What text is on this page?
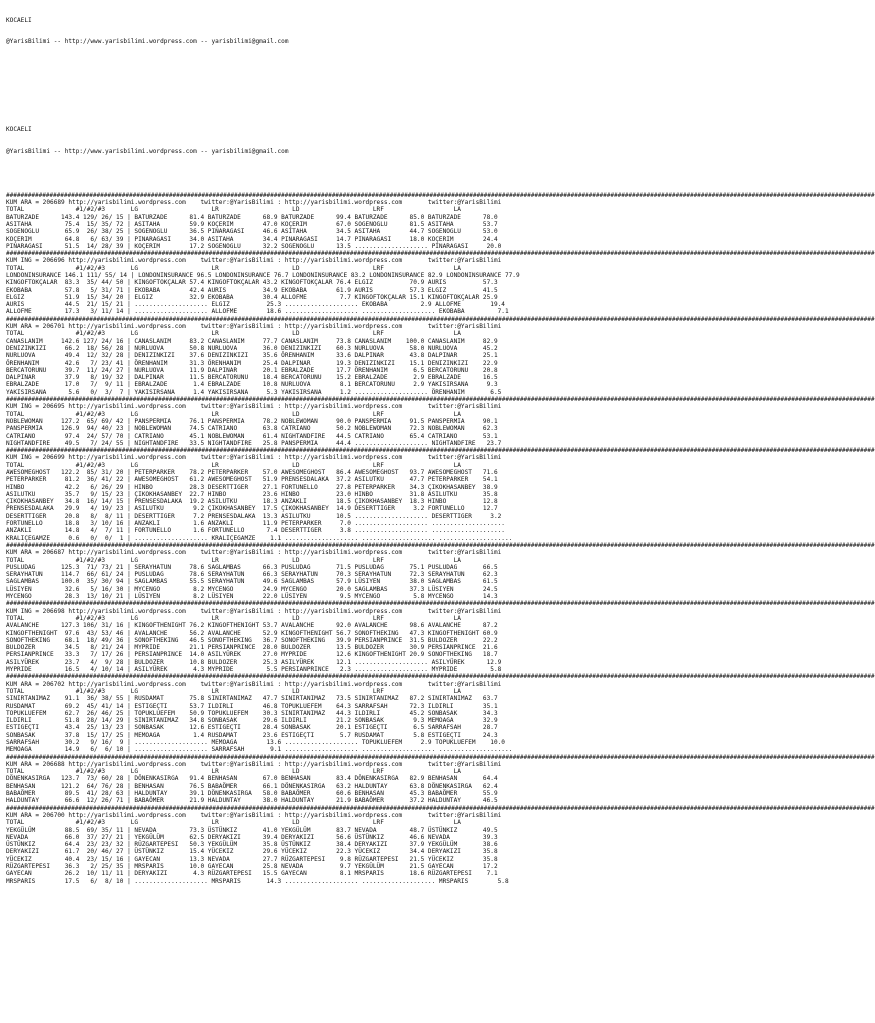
KOCAELI

@YarisBilimi -- http://www.yarisbilimi.wordpress.com -- yarisbilimi@gmail.com

KOCAELI

@YarisBilimi -- http://www.yarisbilimi.wordpress.com -- yarisbilimi@gmail.com

################################################################################################################################################################################################################################################
KUM ARA = 206689 http://yarisbilimi.wordpress.com    twitter:@YarisBilimi : http://yarisbilimi.wordpress.com       twitter:@YarisBilimi
TOTAL              #1/#2/#3       LG                    LR                    LD                    LRF                   LA
BATURZADE      143.4 129/ 26/ 15 | BATURZADE      81.4 BATURZADE      68.9 BATURZADE      99.4 BATURZADE      85.0 BATURZADE      78.0
ASITAHA         75.4  15/ 35/ 72 | ASITAHA        59.9 KOÇERIM        47.0 KOÇERIM        67.0 SOGENOGLU      81.5 ASITAHA        53.7
SOGENOGLU       65.9  26/ 38/ 25 | SOGENOGLU      36.5 PINARAGASI     46.6 ASITAHA        34.5 ASITAHA        44.7 SOGENOGLU      53.0
KOÇERIM         64.8   6/ 63/ 39 | PINARAGASI     34.0 ASITAHA        34.4 PINARAGASI     14.7 PINARAGASI     18.0 KOÇERIM        24.4
PINARAGASI      51.5  14/ 28/ 39 | KOÇERIM        17.2 SOGENOGLU      32.2 SOGENOGLU      13.5 .................... PINARAGASI     20.0
################################################################################################################################################################################################################################################
KUM ING = 206696 http://yarisbilimi.wordpress.com    twitter:@YarisBilimi : http://yarisbilimi.wordpress.com       twitter:@YarisBilimi
TOTAL              #1/#2/#3       LG                    LR                    LD                    LRF                   LA
LONDONINSURANCE 146.1 111/ 55/ 14 | LONDONINSURANCE 96.5 LONDONINSURANCE 76.7 LONDONINSURANCE 83.2 LONDONINSURANCE 82.9 LONDONINSURANCE 77.9
KINGOFTOKÇALAR  83.3  35/ 44/ 50 | KINGOFTOKÇALAR 57.4 KINGOFTOKÇALAR 43.2 KINGOFTOKÇALAR 76.4 ELGIZ          70.9 AURIS          57.3
EKOBABA         57.8   5/ 31/ 71 | EKOBABA        42.4 AURIS          34.9 EKOBABA        61.9 AURIS          57.3 ELGIZ          41.5
ELGIZ           51.9  15/ 34/ 20 | ELGIZ          32.9 EKOBABA        30.4 ALLOFME         7.7 KINGOFTOKÇALAR 15.1 KINGOFTOKÇALAR 25.9
AURIS           44.5  21/ 15/ 21 | .................... ELGIZ          25.3 .................... EKOBABA         2.9 ALLOFME        19.4
ALLOFME         17.3   3/ 11/ 14 | .................... ALLOFME        18.6 .................... .................... EKOBABA         7.1
################################################################################################################################################################################################################################################
KUM ARA = 206701 http://yarisbilimi.wordpress.com    twitter:@YarisBilimi : http://yarisbilimi.wordpress.com       twitter:@YarisBilimi
TOTAL              #1/#2/#3       LG                    LR                    LD                    LRF                   LA
CANASLANIM     142.6 127/ 24/ 16 | CANASLANIM     83.2 CANASLANIM     77.7 CANASLANIM     73.8 CANASLANIM    100.0 CANASLANIM     82.9
DENIZINKIZI     66.2  18/ 56/ 28 | NURLUOVA       50.8 NURLUOVA       36.0 DENIZINKIZI    60.3 NURLUOVA       58.0 NURLUOVA       45.2
NURLUOVA        49.4  12/ 32/ 28 | DENIZINKIZI    37.6 DENIZINKIZI    35.6 ÖRENHANIM      33.6 DALPINAR       43.8 DALPINAR       25.1
ÖRENHANIM       42.6   7/ 23/ 41 | ÖRENHANIM      31.3 ÖRENHANIM      25.4 DALPINAR       19.3 DENIZINKIZI    15.1 DENIZINKIZI    22.9
BERCATORUNU     39.7  11/ 24/ 27 | NURLUOVA       11.9 DALPINAR       20.1 EBRALZADE      17.7 ÖRENHANIM       6.5 BERCATORUNU    20.8
DALPINAR        37.9   8/ 19/ 32 | DALPINAR       11.5 BERCATORUNU    18.4 BERCATORUNU    15.2 EBRALZADE       2.9 EBRALZADE      16.5
EBRALZADE       17.0   7/  9/ 11 | EBRALZADE       1.4 EBRALZADE      10.8 NURLUOVA        8.1 BERCATORUNU     2.9 YAKISIRSANA     9.3
YAKISIRSANA      5.6   0/  3/  7 | YAKISIRSANA     1.4 YAKISIRSANA     5.3 YAKISIRSANA     1.2 .................... ÖRENHANIM       6.5
################################################################################################################################################################################################################################################
KUM ING = 206695 http://yarisbilimi.wordpress.com    twitter:@YarisBilimi : http://yarisbilimi.wordpress.com       twitter:@YarisBilimi
TOTAL              #1/#2/#3       LG                    LR                    LD                    LRF                   LA
NOBLEWOMAN     127.2  65/ 69/ 42 | PANSPERMIA     76.1 PANSPERMIA     78.2 NOBLEWOMAN     90.0 PANSPERMIA     91.5 PANSPERMIA     90.1
PANSPERMIA     126.9  94/ 40/ 23 | NOBLEWOMAN     74.5 CATRIANO       63.8 CATRIANO       50.2 NOBLEWOMAN     72.3 NOBLEWOMAN     62.3
CATRIANO        97.4  24/ 57/ 70 | CATRIANO       45.1 NOBLEWOMAN     61.4 NIGHTANDFIRE   44.5 CATRIANO       65.4 CATRIANO       53.1
NIGHTANDFIRE    49.5   7/ 24/ 55 | NIGHTANDFIRE   33.5 NIGHTANDFIRE   25.8 PANSPERMIA     44.4 .................... NIGHTANDFIRE   23.7
################################################################################################################################################################################################################################################
KUM ING = 206699 http://yarisbilimi.wordpress.com    twitter:@YarisBilimi : http://yarisbilimi.wordpress.com       twitter:@YarisBilimi
TOTAL              #1/#2/#3       LG                    LR                    LD                    LRF                   LA
AWESOMEGHOST   122.2  85/ 31/ 20 | PETERPARKER    78.2 PETERPARKER    57.0 AWESOMEGHOST   86.4 AWESOMEGHOST   93.7 AWESOMEGHOST   71.6
PETERPARKER     81.2  36/ 41/ 22 | AWESOMEGHOST   61.2 AWESOMEGHOST   51.9 PRENSESDALAKA  37.2 ASILUTKU       47.7 PETERPARKER    54.1
HINBO           42.2   6/ 26/ 29 | HINBO          28.3 DESERTTIGER    27.1 FORTUNELLO     27.8 PETERPARKER    34.3 ÇIKOKHASANBEY  38.9
ASILUTKU        35.7   9/ 15/ 23 | ÇIKOKHASANBEY  22.7 HINBO          23.6 HINBO          23.0 HINBO          31.8 ASILUTKU       35.8
ÇIKOKHASANBEY   34.8  16/ 14/ 15 | PRENSESDALAKA  19.2 ASILUTKU       18.3 ANZAKLI        18.5 ÇIKOKHASANBEY  18.3 HINBO          12.8
PRENSESDALAKA   29.9   4/ 19/ 23 | ASILUTKU        9.2 ÇIKOKHASANBEY  17.5 ÇIKOKHASANBEY  14.9 DESERTTIGER     3.2 FORTUNELLO     12.7
DESERTTIGER     20.8   8/  8/ 11 | DESERTTIGER     7.2 PRENSESDALAKA  13.3 ASILUTKU       10.5 .................... DESERTTIGER     3.2
FORTUNELLO      18.8   3/ 10/ 16 | ANZAKLI         1.6 ANZAKLI        11.9 PETERPARKER     7.0 .................... ....................
ANZAKLI         14.8   4/  7/ 11 | FORTUNELLO      1.6 FORTUNELLO      7.4 DESERTTIGER     3.8 .................... ....................
KRALIÇEGAMZE     0.6   0/  0/  1 | .................... KRALIÇEGAMZE    1.1 .................... .................... ....................
################################################################################################################################################################################################################################################
KUM ARA = 206687 http://yarisbilimi.wordpress.com    twitter:@YarisBilimi : http://yarisbilimi.wordpress.com       twitter:@YarisBilimi
TOTAL              #1/#2/#3       LG                    LR                    LD                    LRF                   LA
PUSLUDAG       125.3  71/ 73/ 21 | SERAYHATUN     78.6 SAGLAMBAS      66.3 PUSLUDAG       71.5 PUSLUDAG       75.1 PUSLUDAG       66.5
SERAYHATUN     114.7  66/ 61/ 24 | PUSLUDAG       78.6 SERAYHATUN     66.3 SERAYHATUN     70.3 SERAYHATUN     72.3 SERAYHATUN     62.3
SAGLAMBAS      100.0  35/ 30/ 94 | SAGLAMBAS      55.5 SERAYHATUN     49.6 SAGLAMBAS      57.9 LÜSIYEN        38.0 SAGLAMBAS      61.5
LÜSIYEN         32.6   5/ 16/ 30 | MYCENGO         8.2 MYCENGO        24.9 MYCENGO        20.0 SAGLAMBAS      37.3 LÜSIYEN        24.5
MYCENGO         28.3  13/ 10/ 21 | LÜSIYEN         8.2 LÜSIYEN        22.0 LÜSIYEN         9.5 MYCENGO         5.8 MYCENGO        14.3
################################################################################################################################################################################################################################################
KUM ING = 206698 http://yarisbilimi.wordpress.com    twitter:@YarisBilimi : http://yarisbilimi.wordpress.com       twitter:@YarisBilimi
TOTAL              #1/#2/#3       LG                    LR                    LD                    LRF                   LA
AVALANCHE      127.3 106/ 31/ 16 | KINGOFTHENIGHT 76.2 KINGOFTHENIGHT 53.7 AVALANCHE      92.0 AVALANCHE      98.6 AVALANCHE      87.2
KINGOFTHENIGHT  97.6  43/ 53/ 46 | AVALANCHE      56.2 AVALANCHE      52.9 KINGOFTHENIGHT 56.7 SONOFTHEKING   47.3 KINGOFTHENIGHT 60.9
SONOFTHEKING    68.1  18/ 49/ 36 | SONOFTHEKING   46.5 SONOFTHEKING   36.7 SONOFTHEKING   39.9 PERSIANPRINCE  31.5 BULDOZER       22.2
BULDOZER        34.5   8/ 21/ 24 | MYPRIDE        21.1 PERSIANPRINCE  28.0 BULDOZER       13.5 BULDOZER       30.9 PERSIANPRINCE  21.6
PERSIANPRINCE   33.3   7/ 17/ 26 | PERSIANPRINCE  14.0 ASILYÜREK      27.0 MYPRIDE        12.6 KINGOFTHENIGHT 20.9 SONOFTHEKING   18.7
ASILYÜREK       23.7   4/  9/ 28 | BULDOZER       10.8 BULDOZER       25.3 ASILYÜREK      12.1 .................... ASILYÜREK      12.9
MYPRIDE         16.5   4/ 10/ 14 | ASILYÜREK       4.3 MYPRIDE         5.5 PERSIANPRINCE   2.3 .................... MYPRIDE         5.8
################################################################################################################################################################################################################################################
KUM ARA = 206702 http://yarisbilimi.wordpress.com    twitter:@YarisBilimi : http://yarisbilimi.wordpress.com       twitter:@YarisBilimi
TOTAL              #1/#2/#3       LG                    LR                    LD                    LRF                   LA
SINIRTANIMAZ    91.1  36/ 38/ 55 | RUSDAMAT       75.8 SINIRTANIMAZ   47.7 SINIRTANIMAZ   73.5 SINIRTANIMAZ   87.2 SINIRTANIMAZ   63.7
RUSDAMAT        69.2  45/ 41/ 14 | ESTIGEÇTI      53.7 ILDIRLI        46.8 TOPUKLUEFEM    64.3 SARRAFSAH      72.3 ILDIRLI        35.1
TOPUKLUEFEM     62.7  26/ 46/ 25 | TOPUKLUEFEM    50.9 TOPUKLUEFEM    30.3 SINIRTANIMAZ   44.3 ILDIRLI        45.2 SONBASAK       34.3
ILDIRLI         51.8  28/ 14/ 29 | SINIRTANIMAZ   34.8 SONBASAK       29.6 ILDIRLI        21.2 SONBASAK        9.3 MEMOAGA        32.9
ESTIGEÇTI       43.4  25/ 13/ 23 | SONBASAK       12.6 ESTIGEÇTI      28.4 SONBASAK       20.1 ESTIGEÇTI       6.5 SARRAFSAH      28.7
SONBASAK        37.8  15/ 17/ 25 | MEMOAGA         1.4 RUSDAMAT       23.6 ESTIGEÇTI       5.7 RUSDAMAT        5.8 ESTIGEÇTI      24.3
SARRAFSAH       30.2   9/ 16/  9 | .................... MEMOAGA        13.6 .................... TOPUKLUEFEM     2.9 TOPUKLUEFEM    10.0
MEMOAGA         14.9   6/  6/ 10 | .................... SARRAFSAH       9.1 .................... .................... ....................
################################################################################################################################################################################################################################################
KUM ARA = 206688 http://yarisbilimi.wordpress.com    twitter:@YarisBilimi : http://yarisbilimi.wordpress.com       twitter:@YarisBilimi
TOTAL              #1/#2/#3       LG                    LR                    LD                    LRF                   LA
DÖNENKASIRGA   123.7  73/ 60/ 28 | DÖNENKASIRGA   91.4 BENHASAN       67.0 BENHASAN       83.4 DÖNENKASIRGA   82.9 BENHASAN       64.4
BENHASAN       121.2  64/ 76/ 28 | BENHASAN       76.5 BABAÖMER       66.1 DÖNENKASIRGA   63.2 HALDUNTAY      63.8 DÖNENKASIRGA   62.4
BABAÖMER        89.5  41/ 28/ 63 | HALDUNTAY      39.1 DÖNENKASIRGA   58.0 BABAÖMER       60.6 BENHASAN       45.3 BABAÖMER       55.9
HALDUNTAY       66.6  12/ 26/ 71 | BABAÖMER       21.9 HALDUNTAY      38.0 HALDUNTAY      21.9 BABAÖMER       37.2 HALDUNTAY      46.5
################################################################################################################################################################################################################################################
KUM ARA = 206700 http://yarisbilimi.wordpress.com    twitter:@YarisBilimi : http://yarisbilimi.wordpress.com       twitter:@YarisBilimi
TOTAL              #1/#2/#3       LG                    LR                    LD                    LRF                   LA
YEKGÜLÜM        88.5  69/ 35/ 11 | NEVADA         73.3 ÜSTÜNKIZ       41.0 YEKGÜLÜM       83.7 NEVADA         48.7 ÜSTÜNKIZ       49.5
NEVADA          66.0  37/ 27/ 21 | YEKGÜLÜM       62.5 DERYAKIZI      39.4 DERYAKIZI      56.6 ÜSTÜNKIZ       46.6 NEVADA         39.3
ÜSTÜNKIZ        64.4  23/ 23/ 32 | RÜZGARTEPESI   50.3 YEKGÜLÜM       35.8 ÜSTÜNKIZ       38.4 DERYAKIZI      37.9 YEKGÜLÜM       38.6
DERYAKIZI       61.7  20/ 46/ 27 | ÜSTÜNKIZ       15.4 YÜCEKIZ        29.6 YÜCEKIZ        22.3 YÜCEKIZ        34.4 DERYAKIZI      35.8
YÜCEKIZ         40.4  23/ 15/ 16 | GAYECAN        13.3 NEVADA         27.7 RÜZGARTEPESI    9.8 RÜZGARTEPESI   21.5 YÜCEKIZ        35.8
RÜZGARTEPESI    36.3   2/ 25/ 35 | MRSPARIS       10.0 GAYECAN        25.8 NEVADA          9.7 YEKGÜLÜM       21.5 GAYECAN        17.2
GAYECAN         26.2  10/ 11/ 11 | DERYAKIZI       4.3 RÜZGARTEPESI   15.5 GAYECAN         8.1 MRSPARIS       18.6 RÜZGARTEPESI    7.1
MRSPARIS        17.5   6/  8/ 10 | .................... MRSPARIS       14.3 .................... .................... MRSPARIS        5.8
